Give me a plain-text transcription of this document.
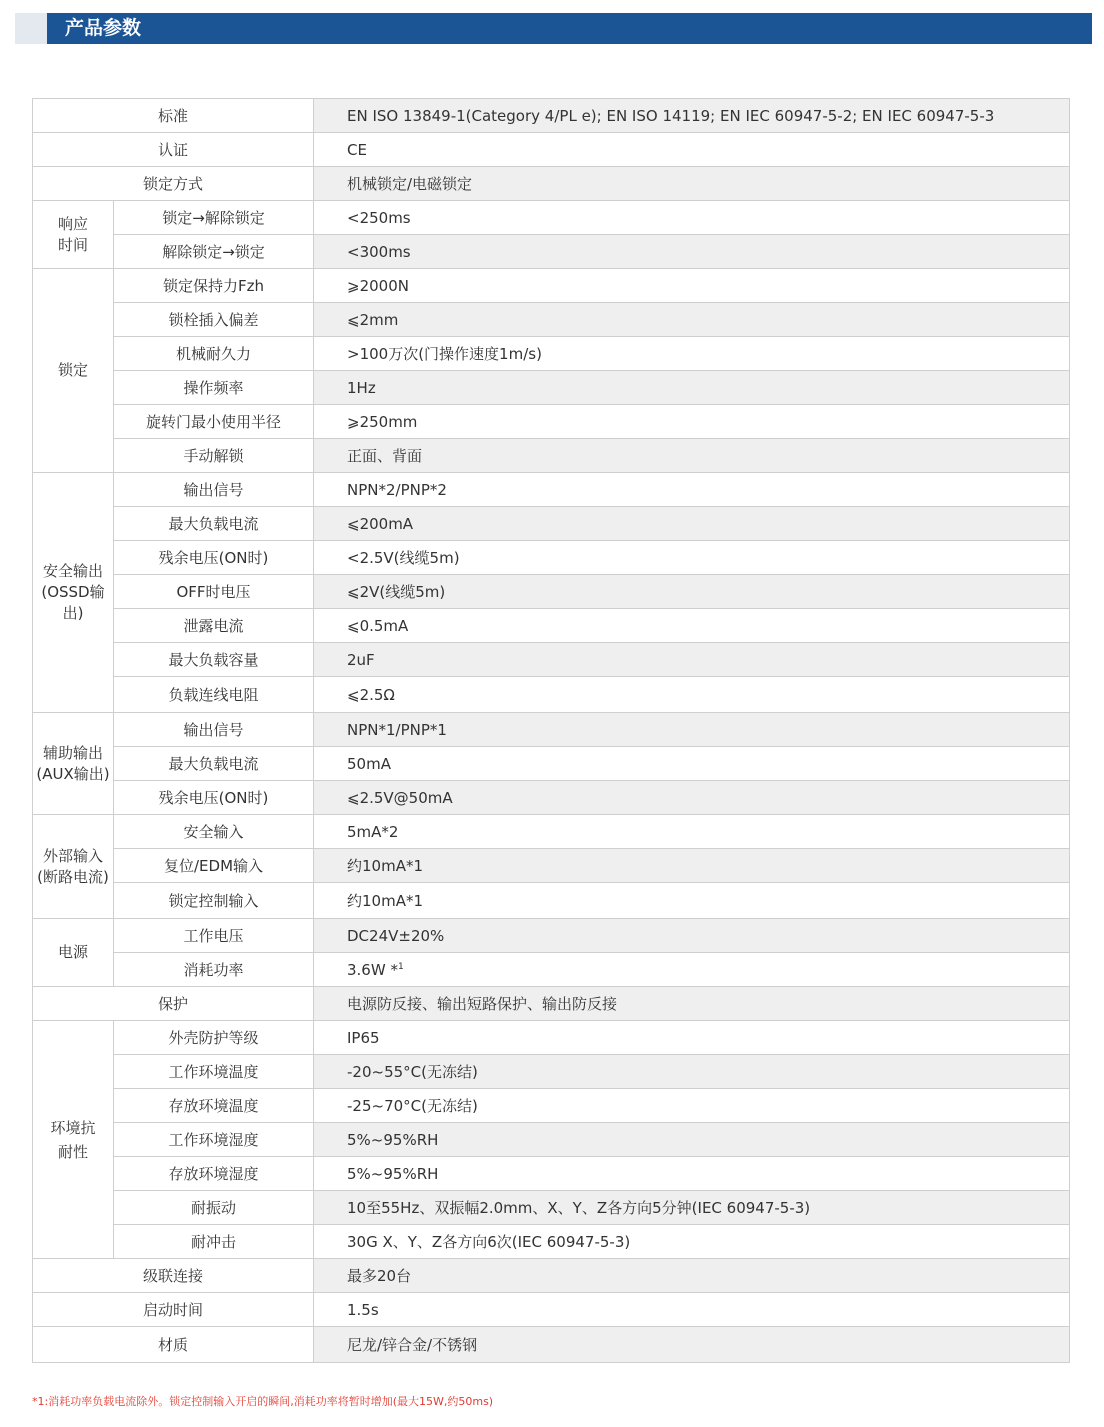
产品参数
标准		EN ISO 13849-1(Category 4/PL e); EN ISO 14119; EN IEC 60947-5-2; EN IEC 60947-5-3
认证		CE
锁定方式		机械锁定/电磁锁定
响应
时间	锁定→解除锁定	<250ms
	解除锁定→锁定	<300ms
锁定	锁定保持力Fzh	⩾2000N
	锁栓插入偏差	⩽2mm
	机械耐久力	>100万次(门操作速度1m/s)
	操作频率	1Hz
	旋转门最小使用半径	⩾250mm
	手动解锁	正面、背面
安全输出
(OSSD输出)	输出信号	NPN*2/PNP*2
	最大负载电流	⩽200mA
	残余电压(ON时)	<2.5V(线缆5m)
	OFF时电压	⩽2V(线缆5m)
	泄露电流	⩽0.5mA
	最大负载容量	2uF
	负载连线电阻	⩽2.5Ω
辅助输出
(AUX输出)	输出信号	NPN*1/PNP*1
	最大负载电流	50mA
	残余电压(ON时)	⩽2.5V@50mA
外部输入
(断路电流)	安全输入	5mA*2
	复位/EDM输入	约10mA*1
	锁定控制输入	约10mA*1
电源	工作电压	DC24V±20%
	消耗功率	3.6W *$^1$
保护		电源防反接、输出短路保护、输出防反接
环境抗
耐性	外壳防护等级	IP65
	工作环境温度	-20~55°C(无冻结)
	存放环境温度	-25~70°C(无冻结)
	工作环境湿度	5%~95%RH
	存放环境湿度	5%~95%RH
	耐振动	10至55Hz、双振幅2.0mm、X、Y、Z各方向5分钟(IEC 60947-5-3)
	耐冲击	30G X、Y、Z各方向6次(IEC 60947-5-3)
级联连接		最多20台
启动时间		1.5s
材质		尼龙/锌合金/不锈钢
*1:消耗功率负载电流除外。锁定控制输入开启的瞬间,消耗功率将暂时增加(最大15W,约50ms)
